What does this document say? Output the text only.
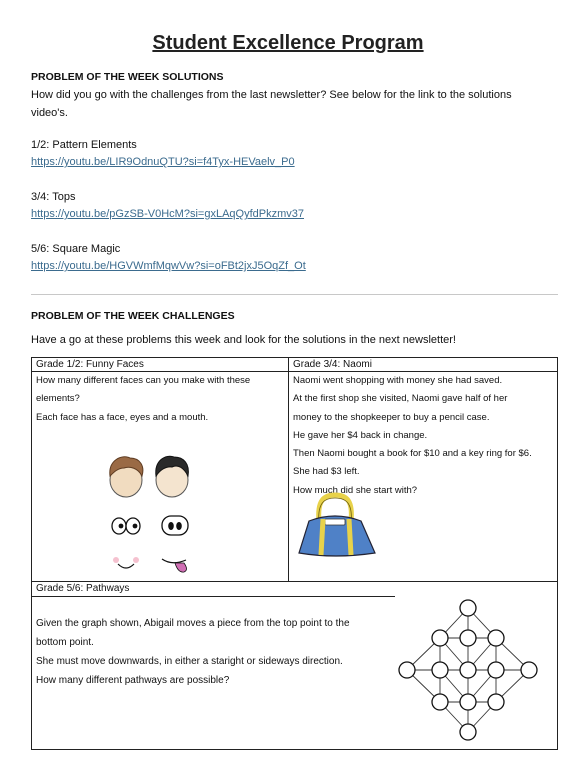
Student Excellence Program
PROBLEM OF THE WEEK SOLUTIONS
How did you go with the challenges from the last newsletter? See below for the link to the solutions video's.
1/2: Pattern Elements
https://youtu.be/LIR9OdnuQTU?si=f4Tyx-HEVaelv_P0
3/4: Tops
https://youtu.be/pGzSB-V0HcM?si=gxLAqQyfdPkzmv37
5/6: Square Magic
https://youtu.be/HGVWmfMqwVw?si=oFBt2jxJ5OqZf_Ot
PROBLEM OF THE WEEK CHALLENGES
Have a go at these problems this week and look for the solutions in the next newsletter!
Grade 1/2: Funny Faces	Grade 3/4: Naomi
How many different faces can you make with these
elements?
Each face has a face, eyes and a mouth.
Naomi went shopping with money she had saved.
At the first shop she visited, Naomi gave half of her
money to the shopkeeper to buy a pencil case.
He gave her $4 back in change.
Then Naomi bought a book for $10 and a key ring for $6.
She had $3 left.
How much did she start with?
Grade 5/6: Pathways
Given the graph shown, Abigail moves a piece from the top point to the
bottom point.
She must move downwards, in either a staright or sideways direction.
How many different pathways are possible?
